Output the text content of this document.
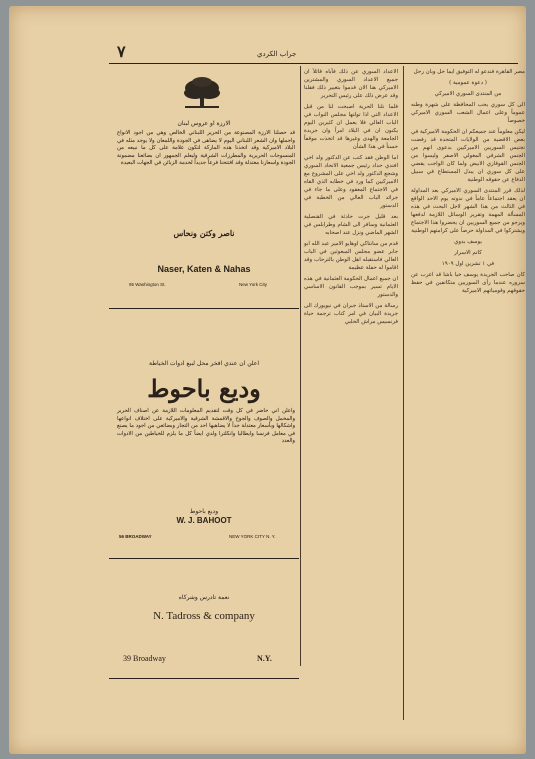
٧	جراب الكردي

مصر القاهرة فندعو له التوفيق ايما حل وبان رحل

( دعوة عمومية )

من المنتدى السوري الاميركي

الى كل سوري يحب المحافظة على شهرة وطنه عموماً وعلى اعمال الشعب السوري الاميركي خصوصاً

ليكن معلوماً عند جميعكم ان الحكومة الاميركية في بعض الاقضية من الولايات المتحدة قد رفضت تجنيس السوريين الاميركيين بدعوى انهم من الجنس الشرقي المغولي الاصفر وليسوا من الجنس القوقازي الابيض ولما كان الواجب يقضي على كل سوري ان يبذل المستطاع في سبيل الدفاع عن حقوقه الوطنية

لذلك قرر المنتدى السوري الاميركي بعد المداولة ان يعقد اجتماعاً عاماً في ندوته يوم الاحد الواقع في الثالث من هذا الشهر لاجل البحث في هذه المسألة المهمة وتقرير الوسائل اللازمة لدفعها ويرجو من جميع السوريين ان يحضروا هذا الاجتماع ويشتركوا في المداولة حرصاً على كرامتهم الوطنية

يوسف بدوي

كاتم الاسرار

في ١ تشرين اول ١٩٠٩

كان صاحب الجريدة يوسف خيا باشا قد اعرب عن سروره عندما رأى السوريين متكاتفين في حفظ حقوقهم وقومياتهم الاميركية

الاعداد السوري عن ذلك فأباه قائلاً ان جميع الاعداد السوري والمشترين الاميركي هنا الان قدموا بتغيير ذلك فقلنا وقد عرض ذلك على رئيس التحرير

فلما نلنا الحرية اصبحت لنا من قبل الاعداد التي اذا تولتها مجلس النواب في الباب العالي فلا يعمل ان كثيرين اليوم يكنون ان في البلاد امراً وان جريدة الجامعة والهدى وغيرها قد اتخذت موقفاً حسناً في هذا الشأن

اما الوطن فقد كتب عن الدكتور ولد اخي افندي حداد رئيس جمعية الاتحاد السوري وشجع الدكتور ولد اخي على المشروع مع الاميركيين كما ورد في خطابه الذي القاه في الاجتماع المعقود وعلى ما جاء في جرائد الباب العالي من الخطبة في الدستور

بعد قليل جرت حادثة في القنصلية العثمانية وسافر الى الشام وطرابلس في الشهر الماضي ونزل عند اصحابه

قدم من سانتاكي اوهايو الامير عبد الله ابو جابر عضو مجلس المبعوثين في الباب العالي فاستقبله اهل الوطن بالترحاب وقد اقاموا له حفلة عظيمة

ان جميع اعمال الحكومة العثمانية في هذه الايام تسير بموجب القانون الاساسي والدستور

رسالة من الاستاذ جبران في نيويورك الى جريدة البيان في امر كتاب ترجمة حياة فرنسيس مراش الحلبي

الارزة او عروس لبنان
قد حصلنا الارزة المصنوعة من الحرير اللبناني الخالص وهي من اجود الانواع واجملها وان الشعر اللبناني اليوم لا يضاهى في الجودة واللمعان ولا يوجد مثله في البلاد الاميركية وقد اتخذنا هذه الماركة لتكون علامة على كل ما نبيعه من المنسوجات الحريرية والمطرزات الشرقية وليعلم الجمهور ان بضائعنا مضمونة الجودة واسعارنا معتدلة وقد افتتحنا فرعاً جديداً لخدمة الزبائن في الجهات البعيدة
ناصر وكتن ونحاس
Naser, Katen & Nahas
95 Washington St.	New York City
اعلن ان عندي افخر محل لبيع ادوات الخياطة
وديع باحوط
واعلن اني حاضر في كل وقت لتقديم المعلومات اللازمة عن اصناف الحرير والمخمل والصوف والجوخ والاقمشة الشرقية والاميركية على اختلاف انواعها واشكالها وبأسعار معتدلة جداً لا يضاهيها احد من التجار وبضائعي من اجود ما يصنع في معامل فرنسا وايطاليا وانكلترا ولدي ايضاً كل ما يلزم للخياطين من الادوات والعدد
وديع باحوط
W. J. BAHOOT
56 BROADWAY	NEW YORK CITY N. Y.
نعمة تادرس وشركاه
N. Tadross & company
39 Broadway	N.Y.
